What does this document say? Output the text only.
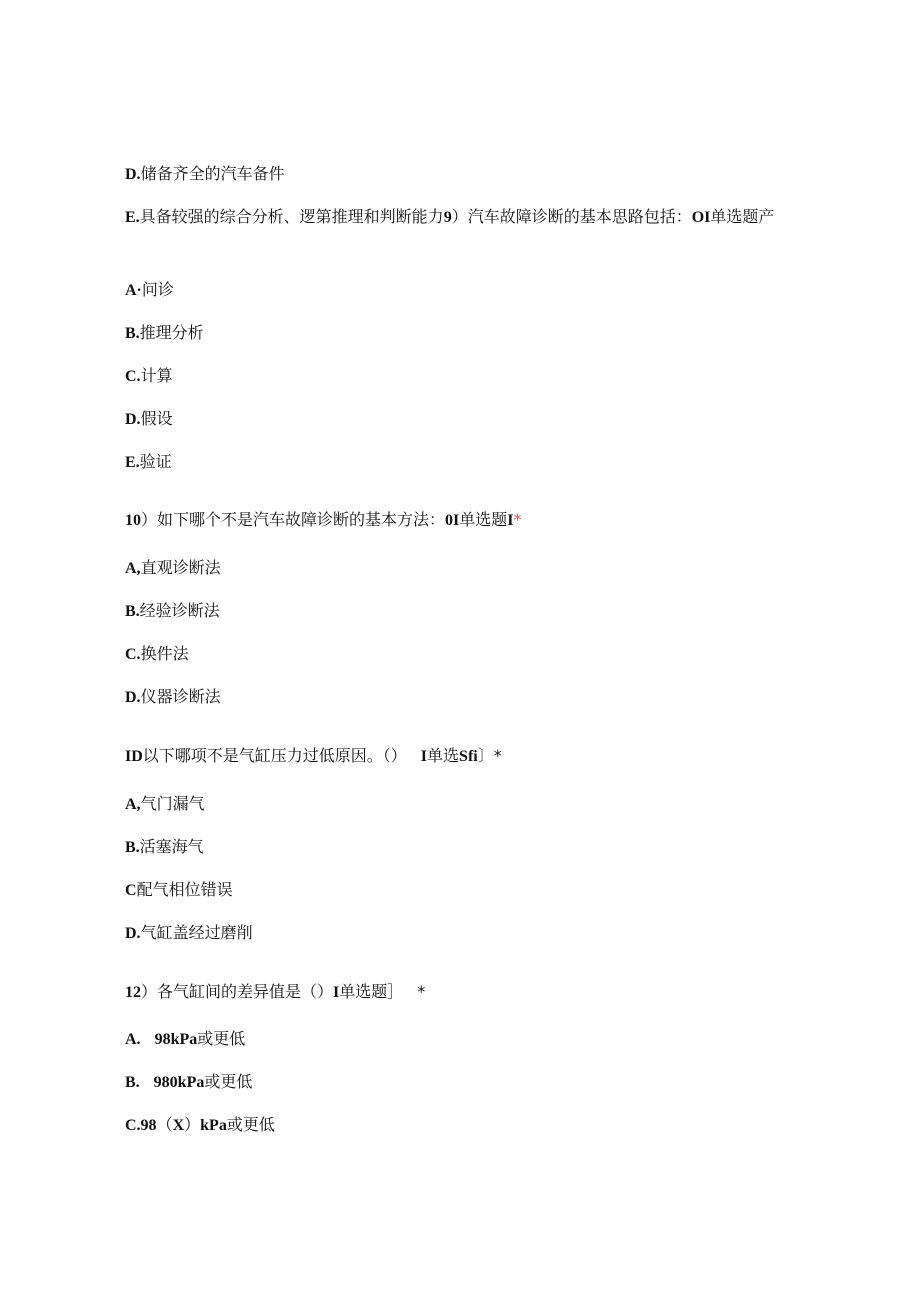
D.储备齐全的汽车备件
E.具备较强的综合分析、逻第推理和判断能力9）汽车故障诊断的基本思路包括：OI单选题产
A·问诊
B.推理分析
C.计算
D.假设
E.验证
10）如下哪个不是汽车故障诊断的基本方法：0I单选题I*
A,直观诊断法
B.经验诊断法
C.换件法
D.仪器诊断法
ID以下哪项不是气缸压力过低原因。（） I单选Sfi〕*
A,气门漏气
B.活塞海气
C配气相位错误
D.气缸盖经过磨削
12）各气缸间的差异值是（）I单选题］ *
A. 98kPa或更低
B. 980kPa或更低
C.98（X）kPa或更低
